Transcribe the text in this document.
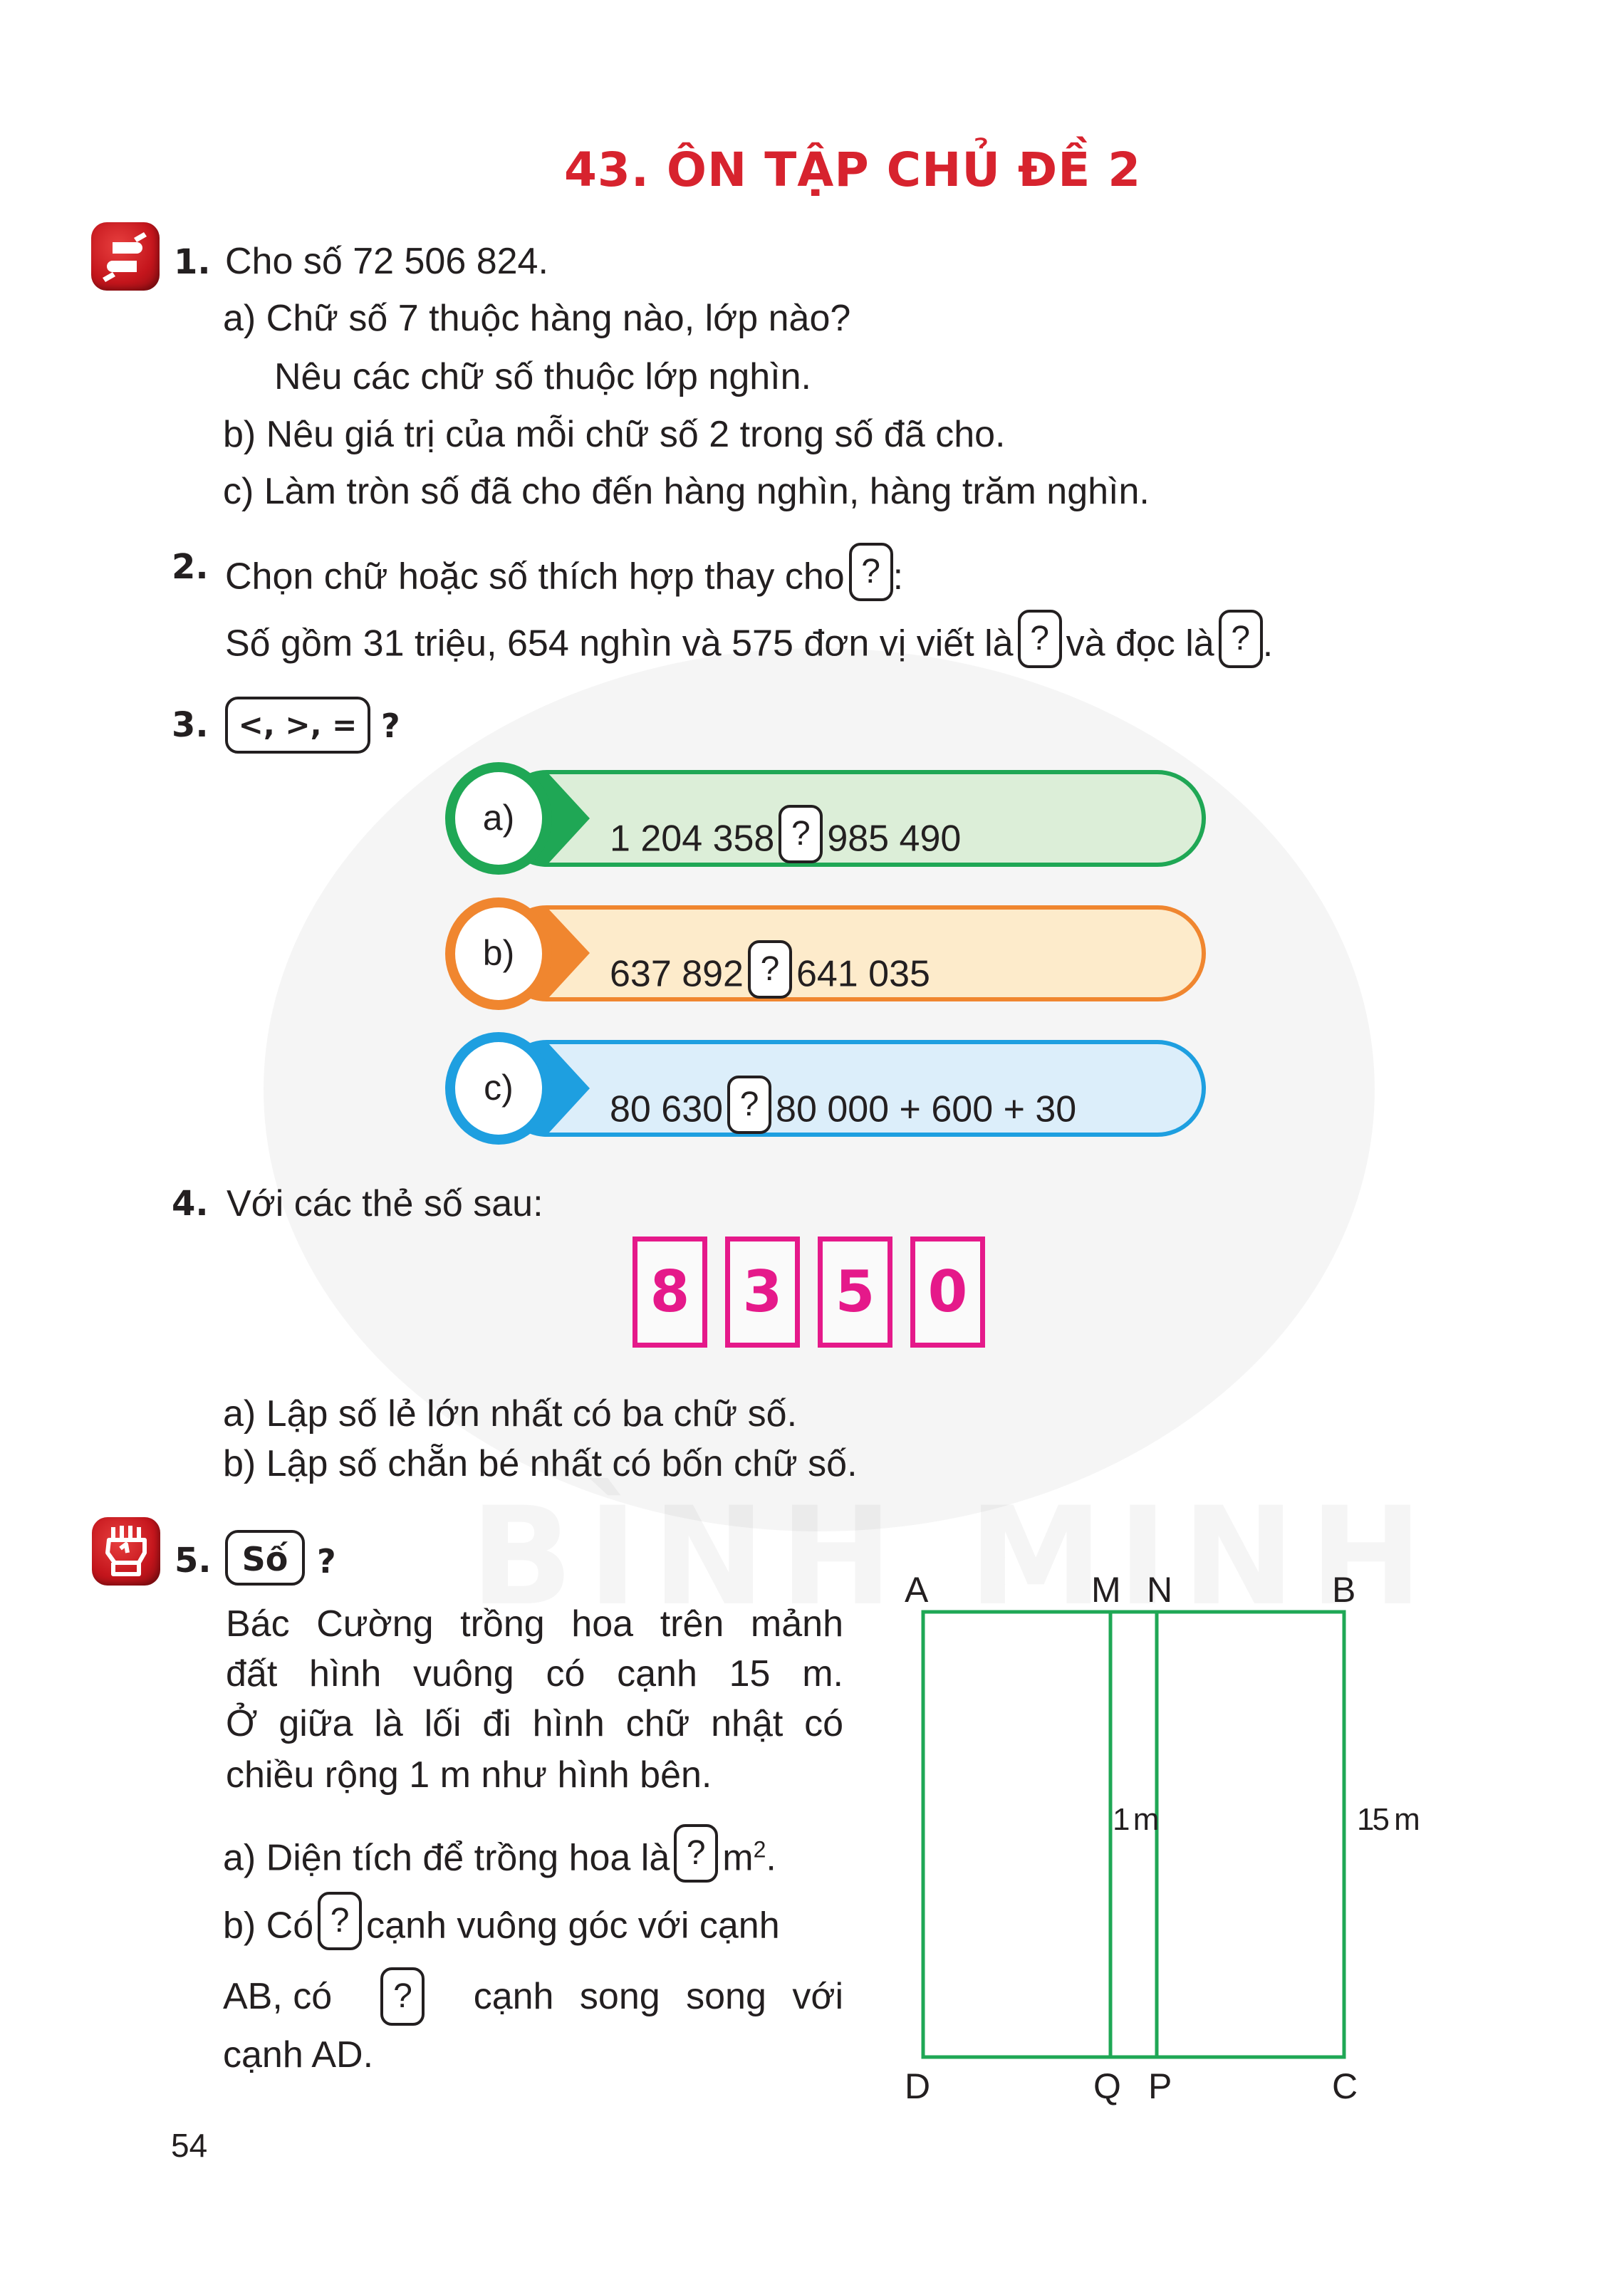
43. ÔN TẬP CHỦ ĐỀ 2
1. Cho số 72 506 824.
a) Chữ số 7 thuộc hàng nào, lớp nào?
Nêu các chữ số thuộc lớp nghìn.
b) Nêu giá trị của mỗi chữ số 2 trong số đã cho.
c) Làm tròn số đã cho đến hàng nghìn, hàng trăm nghìn.
2. Chọn chữ hoặc số thích hợp thay cho ? :
Số gồm 31 triệu, 654 nghìn và 575 đơn vị viết là ? và đọc là ? .
3. <, >, = ?
a)
1 204 358 ? 985 490
b)
637 892 ? 641 035
c)
80 630 ? 80 000 + 600 + 30
4. Với các thẻ số sau:
8 3 5 0
a) Lập số lẻ lớn nhất có ba chữ số.
b) Lập số chẵn bé nhất có bốn chữ số.
5. Số ?
Bác Cường trồng hoa trên mảnh
đất hình vuông có cạnh 15 m.
Ở giữa là lối đi hình chữ nhật có
chiều rộng 1 m như hình bên.
a) Diện tích để trồng hoa là ? $m^2$.
b) Có ? cạnh vuông góc với cạnh
AB, có	?	cạnh song song với
cạnh AD.
A	M N	B
D	Q P	C
1 m	15 m
54
